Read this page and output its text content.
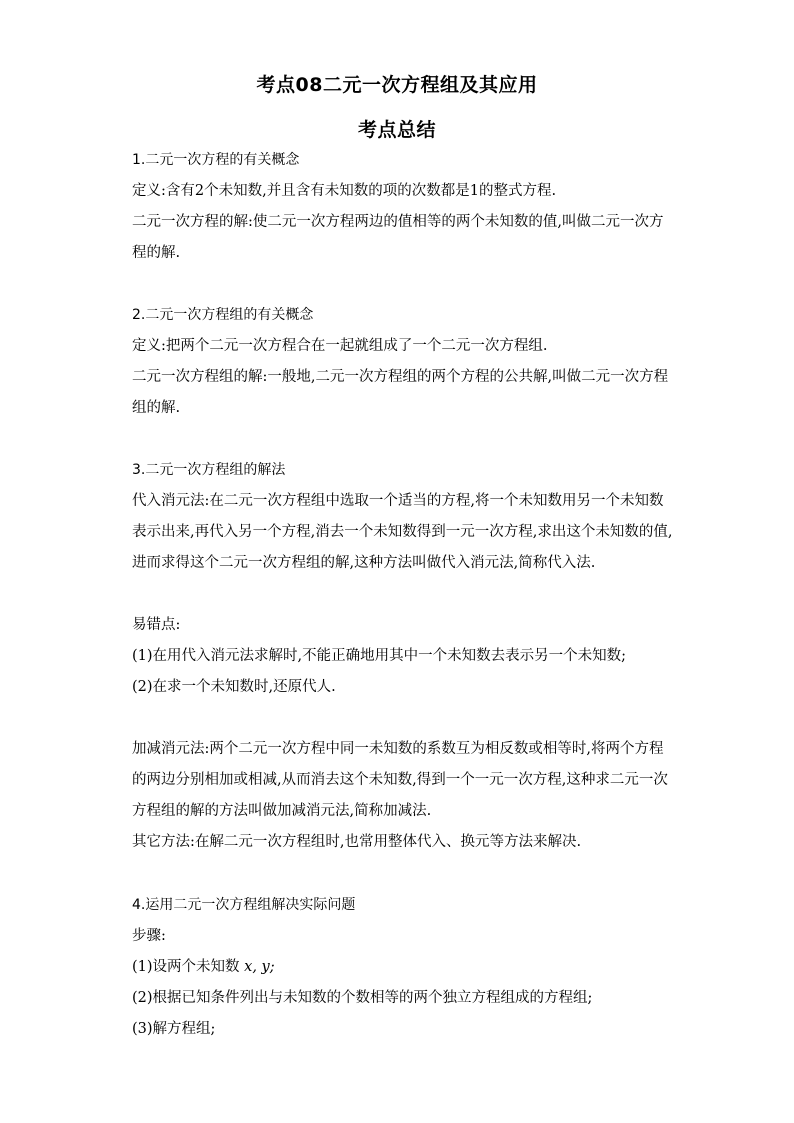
考点08二元一次方程组及其应用
考点总结
1.二元一次方程的有关概念
定义:含有2个未知数,并且含有未知数的项的次数都是1的整式方程.
二元一次方程的解:使二元一次方程两边的值相等的两个未知数的值,叫做二元一次方
程的解.
2.二元一次方程组的有关概念
定义:把两个二元一次方程合在一起就组成了一个二元一次方程组.
二元一次方程组的解:一般地,二元一次方程组的两个方程的公共解,叫做二元一次方程
组的解.
3.二元一次方程组的解法
代入消元法:在二元一次方程组中选取一个适当的方程,将一个未知数用另一个未知数
表示出来,再代入另一个方程,消去一个未知数得到一元一次方程,求出这个未知数的值,
进而求得这个二元一次方程组的解,这种方法叫做代入消元法,简称代入法.
易错点:
(1)在用代入消元法求解时,不能正确地用其中一个未知数去表示另一个未知数;
(2)在求一个未知数时,还原代人.
加减消元法:两个二元一次方程中同一未知数的系数互为相反数或相等时,将两个方程
的两边分别相加或相减,从而消去这个未知数,得到一个一元一次方程,这种求二元一次
方程组的解的方法叫做加减消元法,简称加减法.
其它方法:在解二元一次方程组时,也常用整体代入、换元等方法来解决.
4.运用二元一次方程组解决实际问题
步骤:
(1)设两个未知数 x, y;
(2)根据已知条件列出与未知数的个数相等的两个独立方程组成的方程组;
(3)解方程组;
